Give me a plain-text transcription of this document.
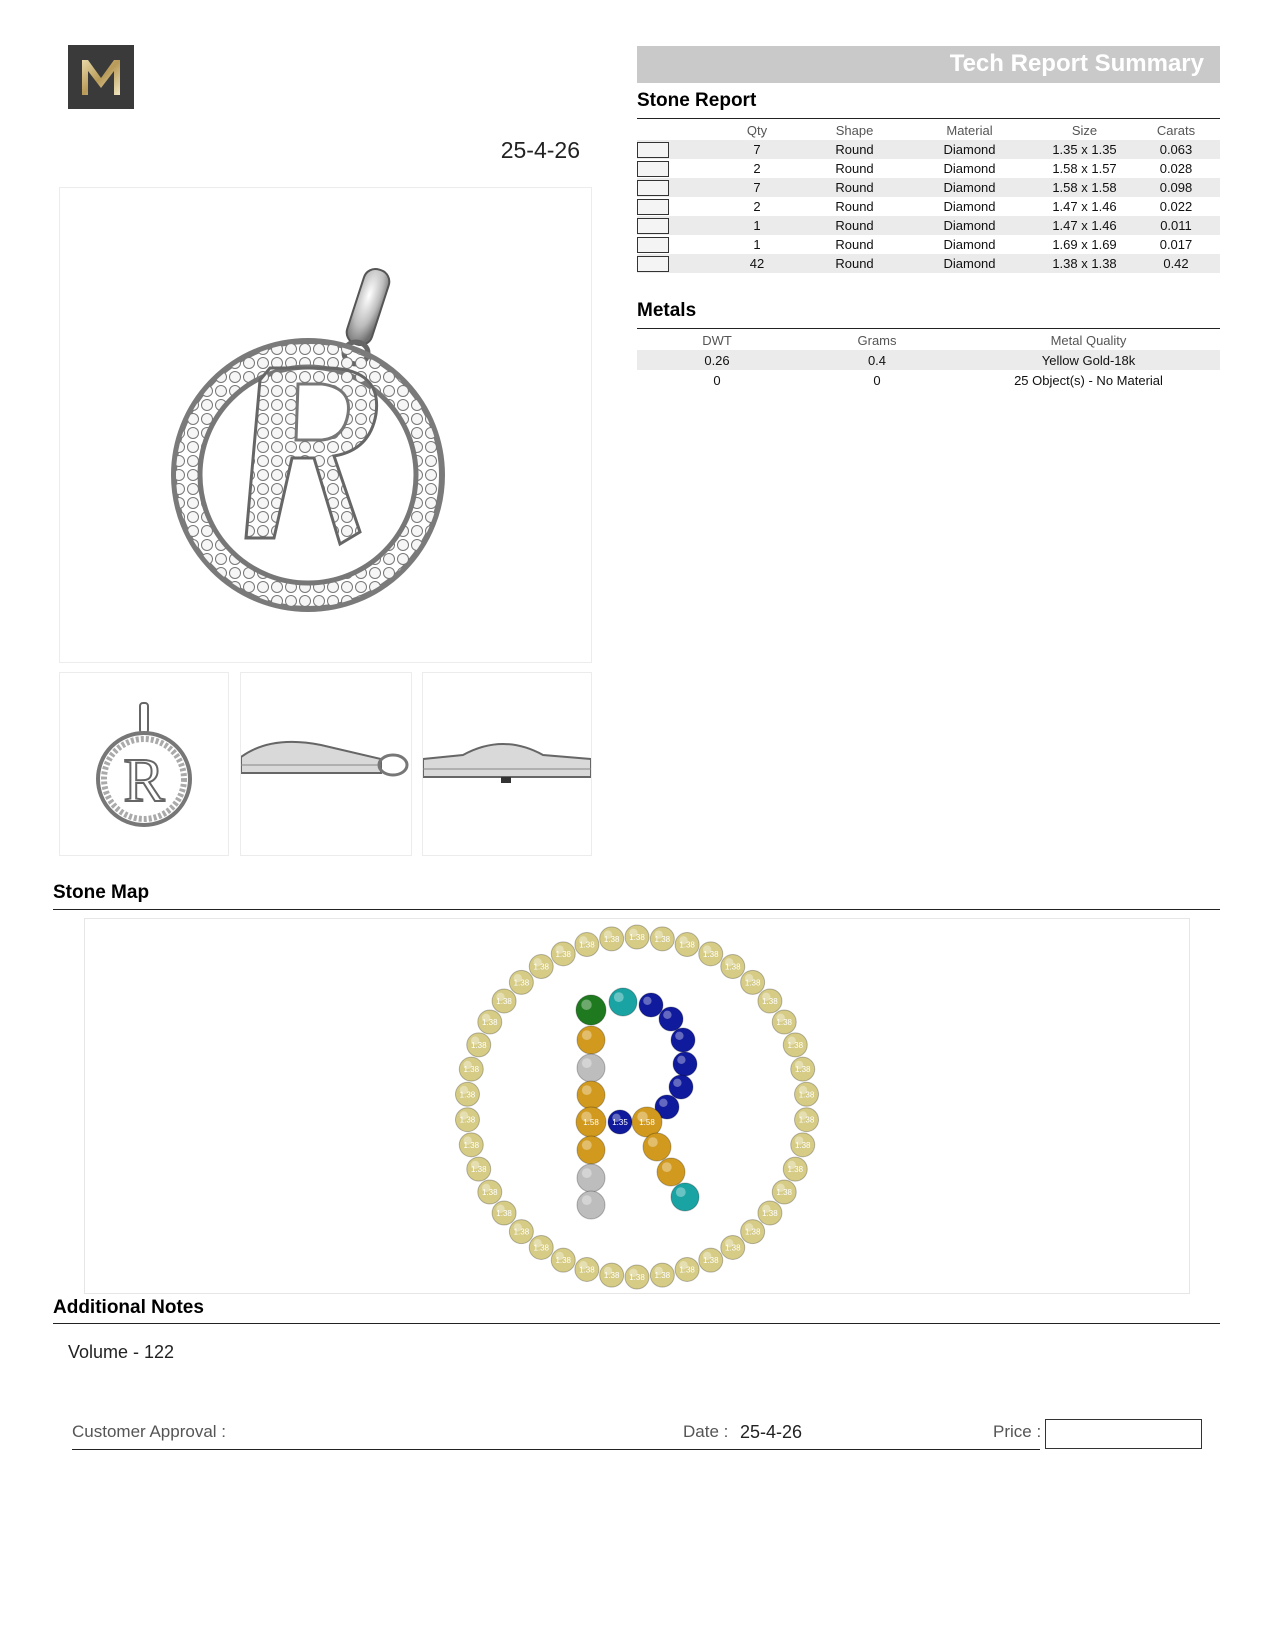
Tech Report Summary
25-4-26
R
Stone Report
	Qty	Shape	Material	Size	Carats
	7	Round	Diamond	1.35 x 1.35	0.063
	2	Round	Diamond	1.58 x 1.57	0.028
	7	Round	Diamond	1.58 x 1.58	0.098
	2	Round	Diamond	1.47 x 1.46	0.022
	1	Round	Diamond	1.47 x 1.46	0.011
	1	Round	Diamond	1.69 x 1.69	0.017
	42	Round	Diamond	1.38 x 1.38	0.42
Metals
DWT	Grams	Metal Quality
0.26	0.4	Yellow Gold-18k
0	0	25 Object(s) - No Material
Stone Map
1.38 1.38
1.38
1.38
1.38
1.38
1.38
1.38
1.38
1.38
1.38
1.38
1.38
1.38
1.38
1.38
1.38
1.38
1.38
1.38
1.38
1.38
1.38
1.38
1.38
1.38
1.38
1.38
1.38
1.38
1.38
1.38
1.38
1.38
1.38
1.38
1.38
1.38
1.38
1.38
1.38
1.38
1.58 1.35 1.58
Additional Notes
Volume - 122
Customer Approval :	Date : 25-4-26	Price :
